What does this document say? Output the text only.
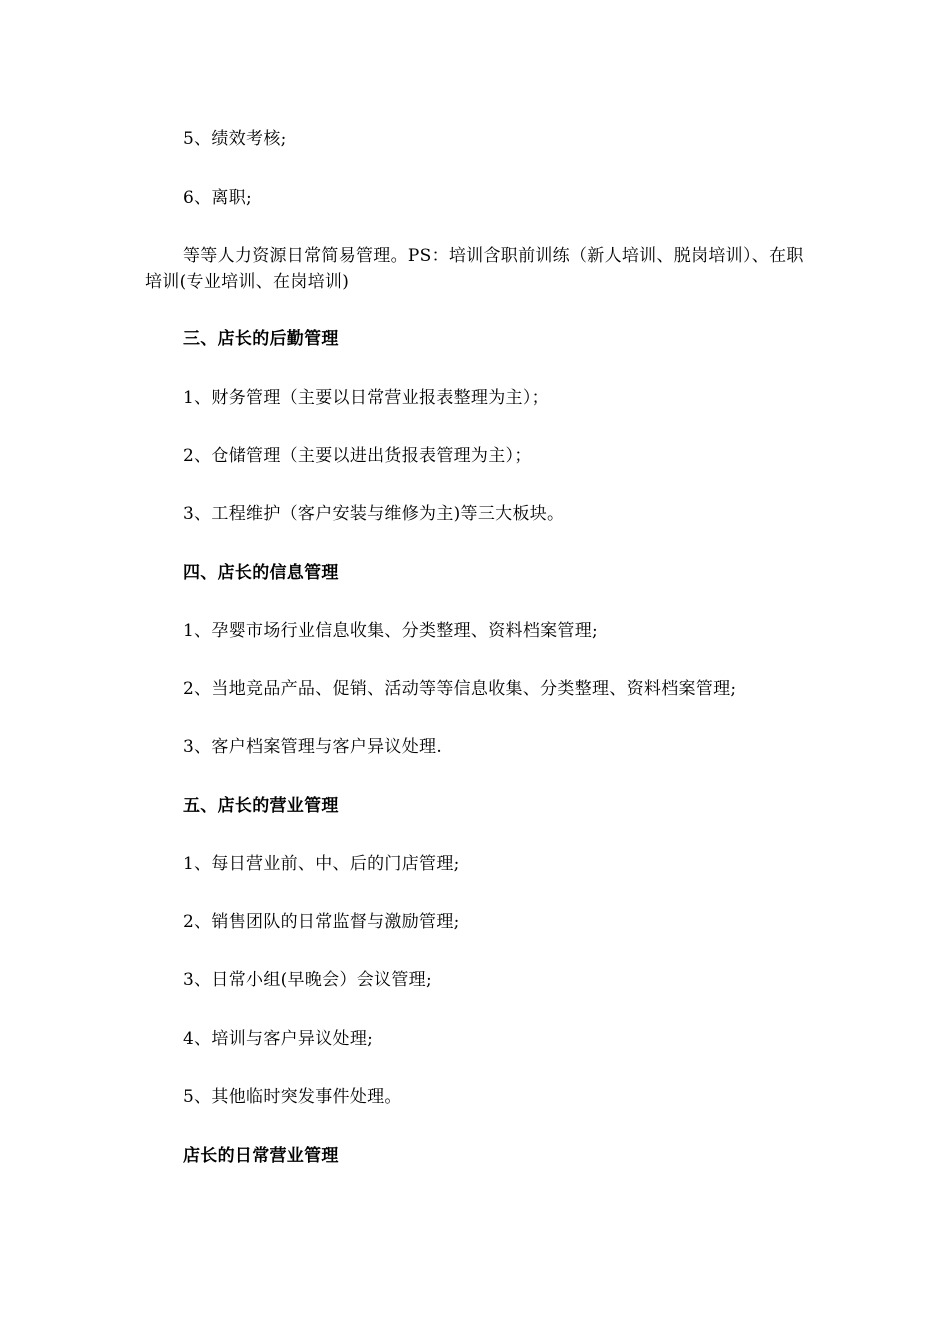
5、绩效考核;
6、离职;
等等人力资源日常简易管理。PS：培训含职前训练（新人培训、脱岗培训）、在职培训(专业培训、在岗培训)
三、店长的后勤管理
1、财务管理（主要以日常营业报表整理为主）；
2、仓储管理（主要以进出货报表管理为主）；
3、工程维护（客户安装与维修为主)等三大板块。
四、店长的信息管理
1、孕婴市场行业信息收集、分类整理、资料档案管理;
2、当地竞品产品、促销、活动等等信息收集、分类整理、资料档案管理;
3、客户档案管理与客户异议处理.
五、店长的营业管理
1、每日营业前、中、后的门店管理;
2、销售团队的日常监督与激励管理;
3、日常小组(早晚会）会议管理;
4、培训与客户异议处理;
5、其他临时突发事件处理。
店长的日常营业管理
